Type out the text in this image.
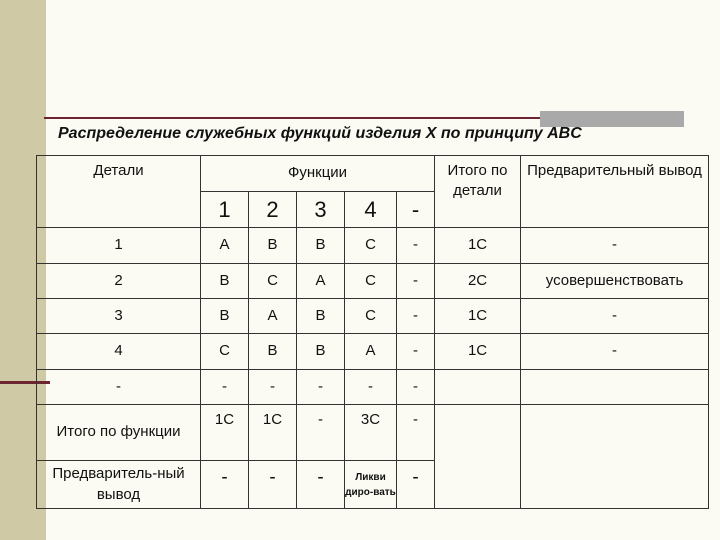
Распределение служебных функций изделия X по принципу ABC
Детали	Функции					Итого по детали	Предварительный вывод
	1	2	3	4	-		
1	A	B	B	C	-	1C	-
2	B	C	A	C	-	2C	усовершенствовать
3	B	A	B	C	-	1C	-
4	C	B	B	A	-	1C	-
-	-	-	-	-	-		
Итого по функции	1C	1C	-	3C	-		
Предваритель-ный вывод	-	-	-	Ликви диро-вать	-		
